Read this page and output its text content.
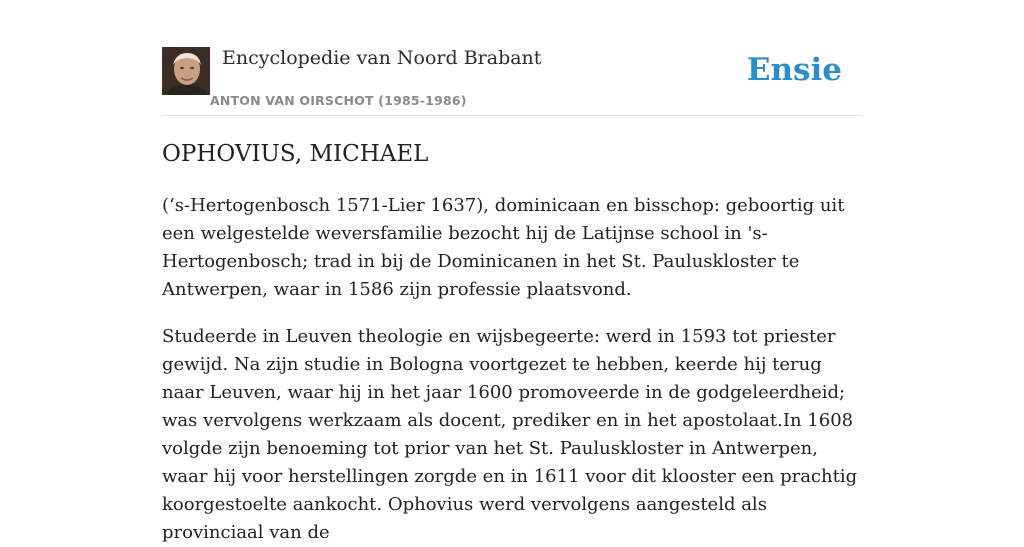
Encyclopedie van Noord Brabant
ANTON VAN OIRSCHOT (1985-1986)
Ensie
OPHOVIUS, MICHAEL

(‘s-Hertogenbosch 1571-Lier 1637), dominicaan en bisschop: geboortig uit een welgestelde weversfamilie bezocht hij de Latijnse school in 's-Hertogenbosch; trad in bij de Dominicanen in het St. Pauluskloster te Antwerpen, waar in 1586 zijn professie plaatsvond.

Studeerde in Leuven theologie en wijsbegeerte: werd in 1593 tot priester gewijd. Na zijn studie in Bologna voortgezet te hebben, keerde hij terug naar Leuven, waar hij in het jaar 1600 promoveerde in de godgeleerdheid; was vervolgens werkzaam als docent, prediker en in het apostolaat.In 1608 volgde zijn benoeming tot prior van het St. Pauluskloster in Antwerpen, waar hij voor herstellingen zorgde en in 1611 voor dit klooster een prachtig koorgestoelte aankocht. Ophovius werd vervolgens aangesteld als provinciaal van de
